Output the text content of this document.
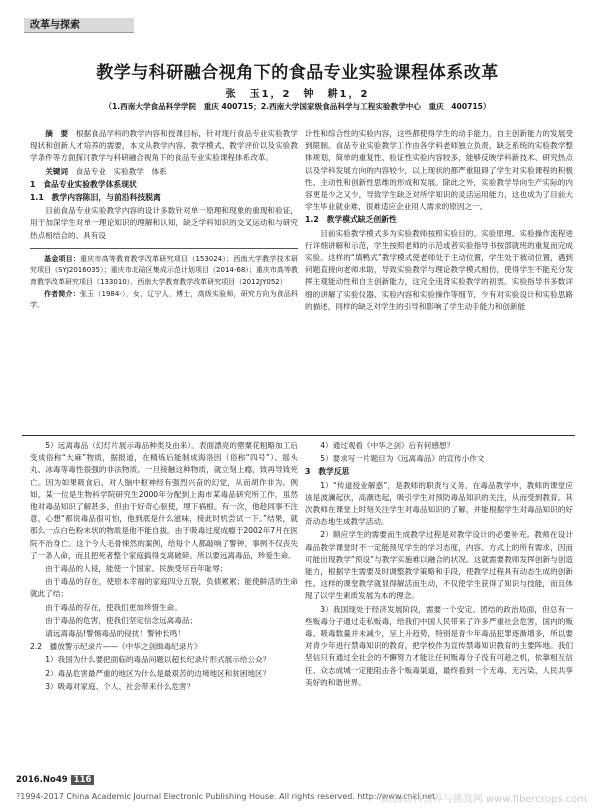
改革与探索
教学与科研融合视角下的食品专业实验课程体系改革
张　玉1，2　钟　耕1，2
（1.西南大学食品科学学院　重庆 400715；2.西南大学国家级食品科学与工程实验教学中心　重庆　400715）

摘　要　 根据食品学科的教学内容和授课目标，针对现行食品专业实验教学现状和创新人才培养的需要，本文从教学内容、教学模式、教学评价以及实验教学条件等方面探讨教学与科研融合视角下的食品专业实验课程体系改革。

关键词　 食品专业　实验教学　体系

1　食品专业实验教学体系现状
1.1　教学内容陈旧，与前沿科技脱离

目前食品专业实验教学内容的设计多数针对单一原理和现象的重现和验证，用于加深学生对单一理论知识的理解和认知，缺乏学科知识的交叉运动和与研究热点相结合的、具有设

基金项目：重庆市高等教育教学改革研究项目（153024）；西南大学教学技术研究项目（SYJ2016035）；重庆市北碚区集成示范计划项目（2014-68）；重庆市高等教育教学改革研究项目（133010）、西南大学教育教学改革研究项目（2012JY052）

作者简介：张玉（1984-），女，辽宁人，博士，高级实验师，研究方向为食品科学。

计性和综合性的实验内容，这些都使得学生的动手能力，自主创新能力的发展受到限制。食品专业实验教学工作由各学科老师独立负责，缺乏系统的实验教学整体规划，简单的重复性、验证性实验内容较多，能够反映学科新技术、研究热点以及学科发展方向的内容较少，以上现状的都严重阻碍了学生对实验课程的积极性、主动性和创新性思维的形成和发展。除此之外，实验教学导向生产实际的内容更是少之又少，导致学生缺乏对所学知识的灵活运用能力，这也成为了目前大学生毕业就业难，很难适应企业用人需求的原因之一。

1.2　教学模式缺乏创新性

目前实验教学模式多为实验教师按照实验目的、实验原理、实验操作流程进行详细讲解和示范，学生按照老师的示范或者实验指导书按部就班的重复而完成实验。这样的“填鸭式”教学模式使老师处于主动位置，学生处于被动位置，遇到问题直接向老师求助，导致实验教学与理论教学模式相仿，使得学生不能充分发挥主观能动性和自主创新能力，这完全违背实验教学的初衷。实验指导书多数详细的讲解了实验仪器、实验内容和实验操作等细节，少有对实验设计和实验思路的描述，同样的缺乏对学生的引导和影响了学生动手能力和创新能

5）远离毒品（幻灯片展示毒品种类及由来）。表面漂亮的罂粟花粗略加工后变成俗称“大麻”物质，据报道，在精炼后能制成海洛因（俗称“四号”）、摇头丸、冰毒等毒性很强的非法物质。一旦接触这种物质，就立刻上瘾，致再导致死亡。因为如果吸食后，对人脑中枢神经有强烈兴奋的幻觉，从而胡作非为。例如，某一位是生物科学院研究生2000年分配到上海市某毒品研究所工作，虽然他对毒品知识了解甚多，但由于好奇心驱使，埋下祸根。有一次，他趁同事不注意，心想“都说毒品很可怕，他到底是什么滋味，接此时机尝试一下。”结果，就那么一点白色粉末状的物质是他不能自拔。由于吸毒过度成瘾于2002年7月在医院不治身亡。这个今人毛骨悚然的案例，给每个人都敲响了警钟，事例不仅丧失了一条人命，而且把死者整个家庭搞得支离破碎。所以要远离毒品，珍爱生命。

由于毒品的人侵，能使一个国家、民族受尽百年耻辱；

由于毒品的存在，使原本幸福的家庭四分五裂，负债累累；能使鲜活的生命就此了结；

由于毒品的存在，使我们更加珍惜生命。

由于毒品的危害，使我们坚定信念远离毒品；

请远离毒品!警惕毒品的侵扰！警钟长鸣！

2.2　播放警示纪录片——《中华之剑缉毒纪录片》

1）我国为什么要把面临的毒品问题以超长纪录片形式展示给公众？

2）毒品危害最严重的地区为什么是最艰苦的边境地区和贫困地区？

3）吸毒对家庭、个人、社会带来什么危害？

4）通过观看《中华之剑》后有何感想？

5）要求写一片题目为《远离毒品》的宣传小作文

3　教学反思

1）“传道授业解惑”，是教师的职责与义务，在毒品教学中，教师的课堂应该是波澜起伏，高潮迭起，吸引学生对预防毒品知识的关注，从而受到教育。其次教师在课堂上时刻关注学生对毒品知识的了解，并能根据学生对毒品知识的好奇动态地生成教学活动。

2）顺应学生的需要而生成教学过程是对教学设计的必要补充。教师在设计毒品教学课堂时不一定能预见学生的学习态度，内容、方式上的所有需求，因而可能出现教学“预设”与教学实施难以融合的状况。这就需要教师发挥创新与创造能力，根据学生需要及时调整教学策略和手段，使教学过程具有动态生成的创新性。这样的课堂教学就显得解活而生动，不仅使学生获得了知识与技能，而且体现了以学生素质发展为本的理念。

3）我国现处于经济发展阶段，需要一个安定、团结的政治局面，但总有一些贩毒分子通过走私贩毒，给我们中国人民带来了许多严重社会危害，国内的贩毒、吸毒数量并未减少，呈上升趋势，特别是青少年毒品犯罪逐渐增多，所以要对青少年进行禁毒知识的教育，把学校作为宣传禁毒知识教育的主要阵地。我们坚信只有通过全社会的不懈努力才能让任何贩毒分子没有可趁之机，依靠相互信任、众志成城一定能阻击各个贩毒渠道，最终看到一个无毒、无污染、人民共享美好的和谐世界。

2016.No49 116
?1994-2017 China Academic Journal Electronic Publishing House. All rights reserved. http://www.cnki.net
食品/饮料营养与挑战网 www.fibercrops.com
